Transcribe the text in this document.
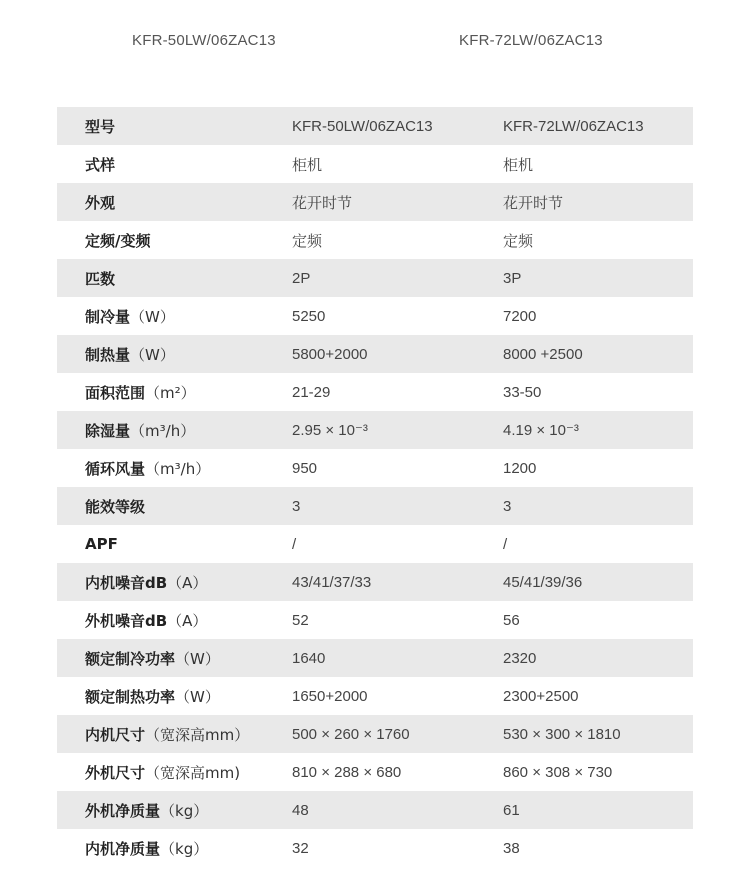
KFR-50LW/06ZAC13	KFR-72LW/06ZAC13
型号	KFR-50LW/06ZAC13	KFR-72LW/06ZAC13
式样	柜机	柜机
外观	花开时节	花开时节
定频/变频	定频	定频
匹数	2P	3P
制冷量（W）	5250	7200
制热量（W）	5800+2000	8000 +2500
面积范围（m²）	21-29	33-50
除湿量（m³/h）	2.95 × 10⁻³	4.19 × 10⁻³
循环风量（m³/h）	950	1200
能效等级	3	3
APF	/	/
内机噪音dB（A）	43/41/37/33	45/41/39/36
外机噪音dB（A）	52	56
额定制冷功率（W）	1640	2320
额定制热功率（W）	1650+2000	2300+2500
内机尺寸（宽深高mm）	500 × 260 × 1760	530 × 300 × 1810
外机尺寸（宽深高mm)	810 × 288 × 680	860 × 308 × 730
外机净质量（kg）	48	61
内机净质量（kg）	32	38
